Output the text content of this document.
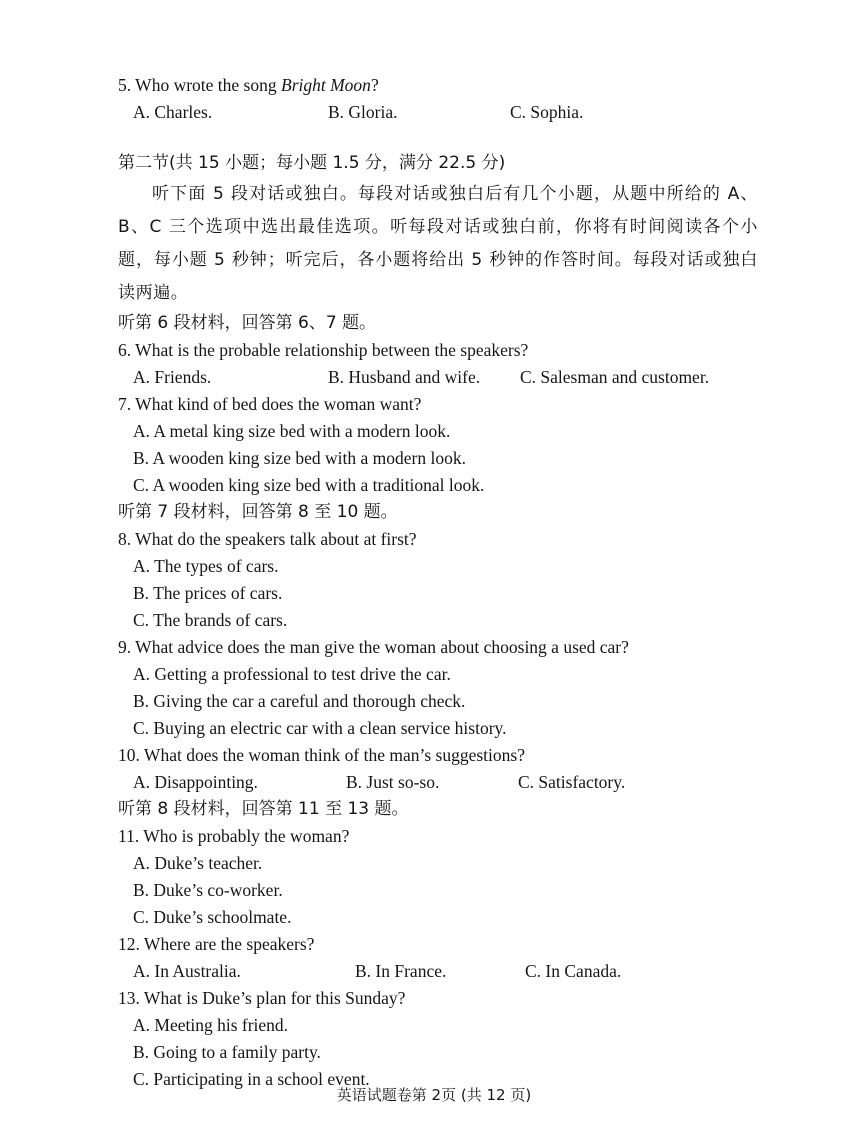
5. Who wrote the song Bright Moon?
A. Charles.	B. Gloria.	C. Sophia.
第二节(共 15 小题；每小题 1.5 分，满分 22.5 分)
听下面 5 段对话或独白。每段对话或独白后有几个小题，从题中所给的 A、B、C 三个选项中选出最佳选项。听每段对话或独白前，你将有时间阅读各个小题，每小题 5 秒钟；听完后，各小题将给出 5 秒钟的作答时间。每段对话或独白读两遍。
听第 6 段材料，回答第 6、7 题。
6. What is the probable relationship between the speakers?
A. Friends.	B. Husband and wife. C. Salesman and customer.
7. What kind of bed does the woman want?
A. A metal king size bed with a modern look.
B. A wooden king size bed with a modern look.
C. A wooden king size bed with a traditional look.
听第 7 段材料，回答第 8 至 10 题。
8. What do the speakers talk about at first?
A. The types of cars.
B. The prices of cars.
C. The brands of cars.
9. What advice does the man give the woman about choosing a used car?
A. Getting a professional to test drive the car.
B. Giving the car a careful and thorough check.
C. Buying an electric car with a clean service history.
10. What does the woman think of the man’s suggestions?
A. Disappointing.	B. Just so-so.	C. Satisfactory.
听第 8 段材料，回答第 11 至 13 题。
11. Who is probably the woman?
A. Duke’s teacher.
B. Duke’s co-worker.
C. Duke’s schoolmate.
12. Where are the speakers?
A. In Australia.	B. In France.	C. In Canada.
13. What is Duke’s plan for this Sunday?
A. Meeting his friend.
B. Going to a family party.
C. Participating in a school event.
英语试题卷第 2页 (共 12 页)
